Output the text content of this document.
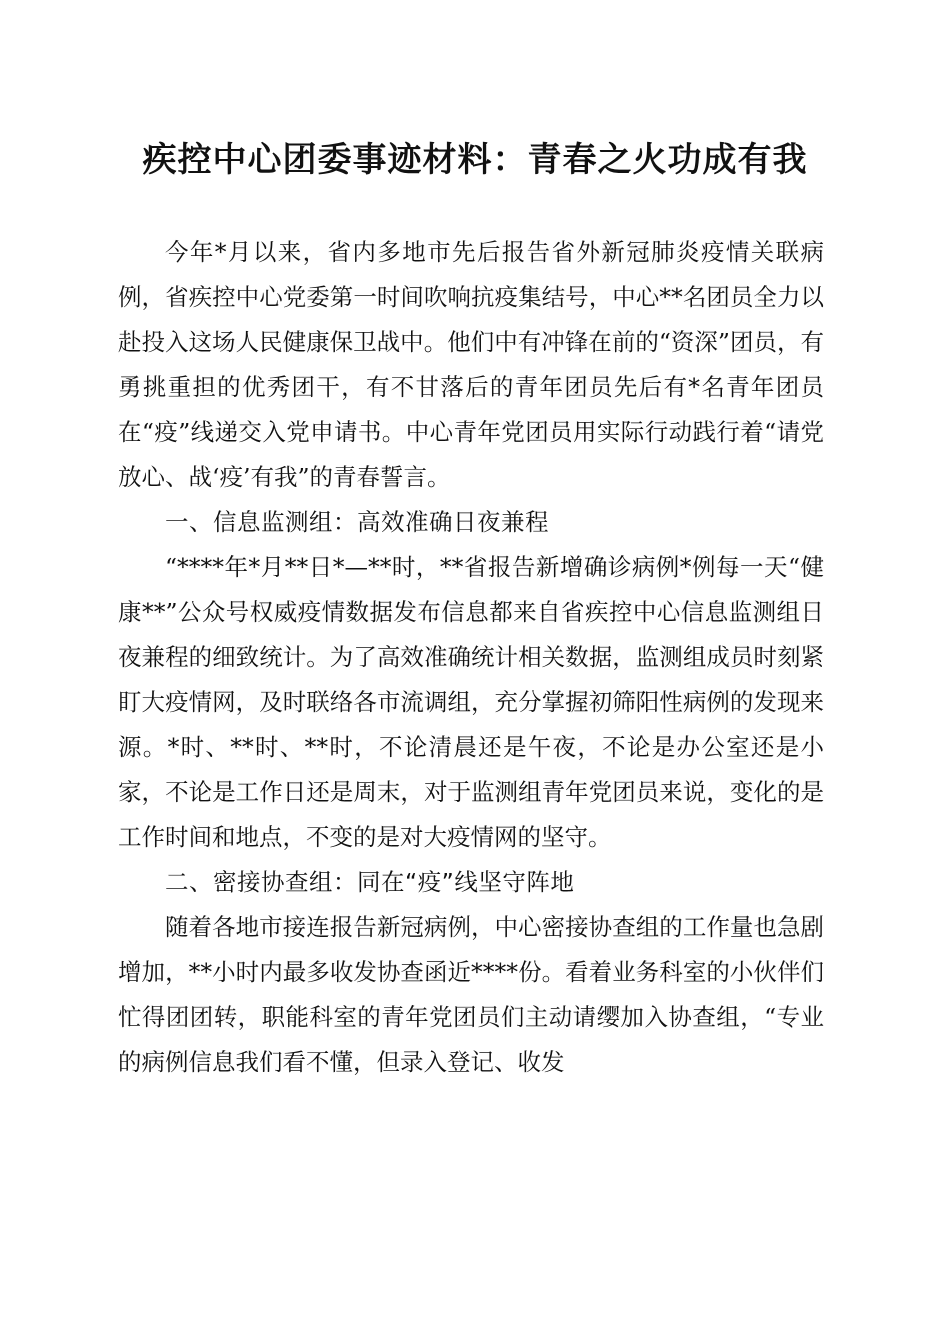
疾控中心团委事迹材料：青春之火功成有我

今年*月以来，省内多地市先后报告省外新冠肺炎疫情关联病例，省疾控中心党委第一时间吹响抗疫集结号，中心**名团员全力以赴投入这场人民健康保卫战中。他们中有冲锋在前的“资深”团员，有勇挑重担的优秀团干，有不甘落后的青年团员先后有*名青年团员在“疫”线递交入党申请书。中心青年党团员用实际行动践行着“请党放心、战‘疫’有我”的青春誓言。

一、信息监测组：高效准确日夜兼程

“****年*月**日*—**时，**省报告新增确诊病例*例每一天“健康**”公众号权威疫情数据发布信息都来自省疾控中心信息监测组日夜兼程的细致统计。为了高效准确统计相关数据，监测组成员时刻紧盯大疫情网，及时联络各市流调组，充分掌握初筛阳性病例的发现来源。*时、**时、**时，不论清晨还是午夜，不论是办公室还是小家，不论是工作日还是周末，对于监测组青年党团员来说，变化的是工作时间和地点，不变的是对大疫情网的坚守。

二、密接协查组：同在“疫”线坚守阵地

随着各地市接连报告新冠病例，中心密接协查组的工作量也急剧增加，**小时内最多收发协查函近****份。看着业务科室的小伙伴们忙得团团转，职能科室的青年党团员们主动请缨加入协查组，“专业的病例信息我们看不懂，但录入登记、收发
